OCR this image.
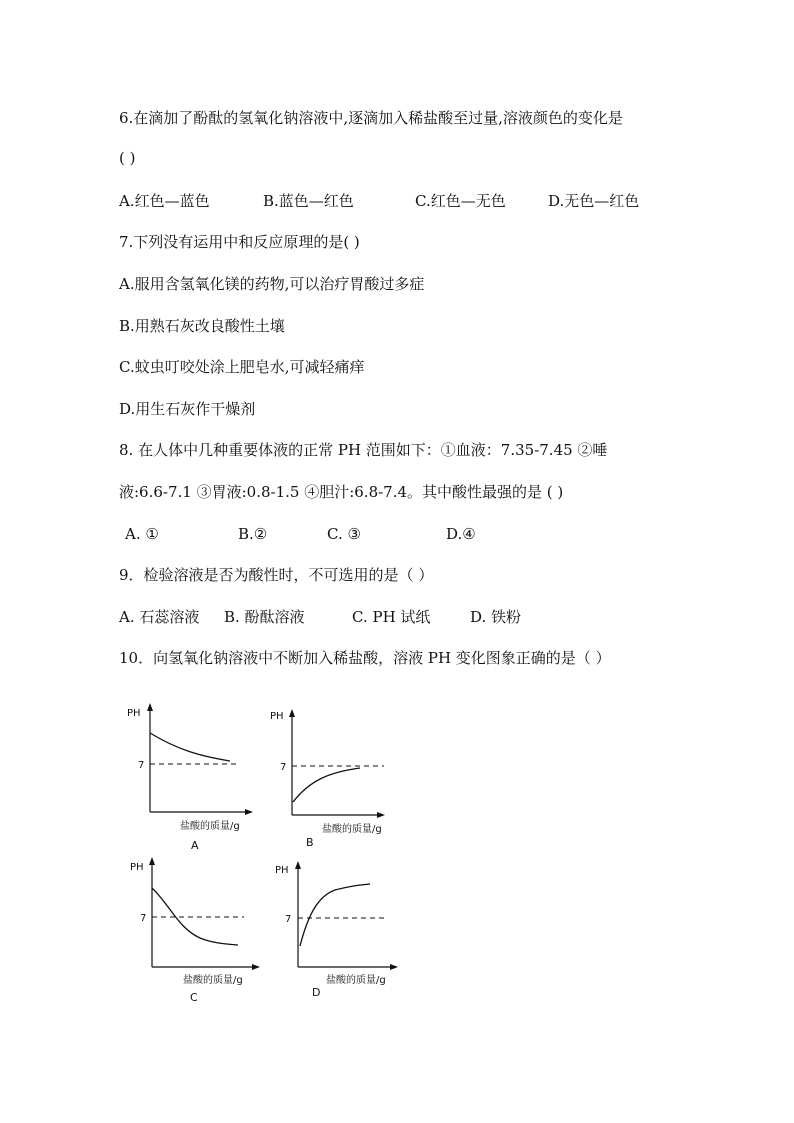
6.在滴加了酚酞的氢氧化钠溶液中,逐滴加入稀盐酸至过量,溶液颜色的变化是
( )
A.红色—蓝色	B.蓝色—红色	C.红色—无色	D.无色—红色
7.下列没有运用中和反应原理的是( )
A.服用含氢氧化镁的药物,可以治疗胃酸过多症
B.用熟石灰改良酸性土壤
C.蚊虫叮咬处涂上肥皂水,可减轻痛痒
D.用生石灰作干燥剂
8. 在人体中几种重要体液的正常 PH 范围如下：①血液：7.35-7.45 ②唾
液:6.6-7.1 ③胃液:0.8-1.5 ④胆汁:6.8-7.4。其中酸性最强的是 ( )
A. ①	B.②	C. ③	D.④
9．检验溶液是否为酸性时，不可选用的是（ ）
A. 石蕊溶液 B. 酚酞溶液	C. PH 试纸	D. 铁粉
10．向氢氧化钠溶液中不断加入稀盐酸，溶液 PH 变化图象正确的是（ ）
PH
7
盐酸的质量/g
A
PH
7
盐酸的质量/g
B
PH
7
盐酸的质量/g
C
PH
7
盐酸的质量/g
D
